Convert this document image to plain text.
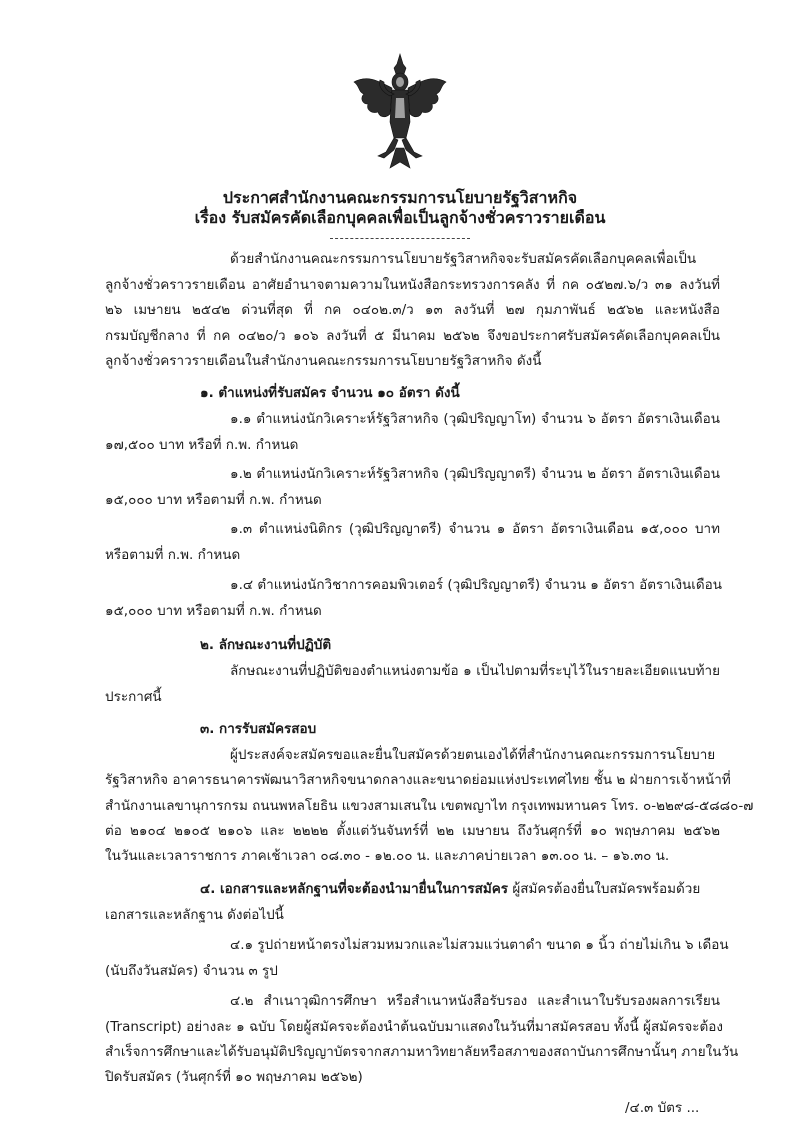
ประกาศสำนักงานคณะกรรมการนโยบายรัฐวิสาหกิจ
เรื่อง รับสมัครคัดเลือกบุคคลเพื่อเป็นลูกจ้างชั่วคราวรายเดือน
ด้วยสำนักงานคณะกรรมการนโยบายรัฐวิสาหกิจจะรับสมัครคัดเลือกบุคคลเพื่อเป็น
ลูกจ้างชั่วคราวรายเดือน อาศัยอำนาจตามความในหนังสือกระทรวงการคลัง ที่ กค ๐๕๒๗.๖/ว ๓๑ ลงวันที่
๒๖ เมษายน ๒๕๔๒ ด่วนที่สุด ที่ กค ๐๔๐๒.๓/ว ๑๓ ลงวันที่ ๒๗ กุมภาพันธ์ ๒๕๖๒ และหนังสือ
กรมบัญชีกลาง ที่ กค ๐๔๒๐/ว ๑๐๖ ลงวันที่ ๕ มีนาคม ๒๕๖๒ จึงขอประกาศรับสมัครคัดเลือกบุคคลเป็น
ลูกจ้างชั่วคราวรายเดือนในสำนักงานคณะกรรมการนโยบายรัฐวิสาหกิจ ดังนี้
๑. ตำแหน่งที่รับสมัคร จำนวน ๑๐ อัตรา ดังนี้
๑.๑ ตำแหน่งนักวิเคราะห์รัฐวิสาหกิจ (วุฒิปริญญาโท) จำนวน ๖ อัตรา อัตราเงินเดือน
๑๗,๕๐๐ บาท หรือที่ ก.พ. กำหนด
๑.๒ ตำแหน่งนักวิเคราะห์รัฐวิสาหกิจ (วุฒิปริญญาตรี) จำนวน ๒ อัตรา อัตราเงินเดือน
๑๕,๐๐๐ บาท หรือตามที่ ก.พ. กำหนด
๑.๓ ตำแหน่งนิติกร (วุฒิปริญญาตรี) จำนวน ๑ อัตรา อัตราเงินเดือน ๑๕,๐๐๐ บาท
หรือตามที่ ก.พ. กำหนด
๑.๔ ตำแหน่งนักวิชาการคอมพิวเตอร์ (วุฒิปริญญาตรี) จำนวน ๑ อัตรา อัตราเงินเดือน
๑๕,๐๐๐ บาท หรือตามที่ ก.พ. กำหนด
๒. ลักษณะงานที่ปฏิบัติ
ลักษณะงานที่ปฏิบัติของตำแหน่งตามข้อ ๑ เป็นไปตามที่ระบุไว้ในรายละเอียดแนบท้าย
ประกาศนี้
๓. การรับสมัครสอบ
ผู้ประสงค์จะสมัครขอและยื่นใบสมัครด้วยตนเองได้ที่สำนักงานคณะกรรมการนโยบาย
รัฐวิสาหกิจ อาคารธนาคารพัฒนาวิสาหกิจขนาดกลางและขนาดย่อมแห่งประเทศไทย ชั้น ๒ ฝ่ายการเจ้าหน้าที่
สำนักงานเลขานุการกรม ถนนพหลโยธิน แขวงสามเสนใน เขตพญาไท กรุงเทพมหานคร โทร. ๐-๒๒๙๘-๕๘๘๐-๗
ต่อ ๒๑๐๔ ๒๑๐๕ ๒๑๐๖ และ ๒๒๒๒ ตั้งแต่วันจันทร์ที่ ๒๒ เมษายน ถึงวันศุกร์ที่ ๑๐ พฤษภาคม ๒๕๖๒
ในวันและเวลาราชการ ภาคเช้าเวลา ๐๘.๓๐ - ๑๒.๐๐ น. และภาคบ่ายเวลา ๑๓.๐๐ น. – ๑๖.๓๐ น.
๔. เอกสารและหลักฐานที่จะต้องนำมายื่นในการสมัคร ผู้สมัครต้องยื่นใบสมัครพร้อมด้วย
เอกสารและหลักฐาน ดังต่อไปนี้
๔.๑ รูปถ่ายหน้าตรงไม่สวมหมวกและไม่สวมแว่นตาดำ ขนาด ๑ นิ้ว ถ่ายไม่เกิน ๖ เดือน
(นับถึงวันสมัคร) จำนวน ๓ รูป
๔.๒ สำเนาวุฒิการศึกษา หรือสำเนาหนังสือรับรอง และสำเนาใบรับรองผลการเรียน
(Transcript) อย่างละ ๑ ฉบับ โดยผู้สมัครจะต้องนำต้นฉบับมาแสดงในวันที่มาสมัครสอบ ทั้งนี้ ผู้สมัครจะต้อง
สำเร็จการศึกษาและได้รับอนุมัติปริญญาบัตรจากสภามหาวิทยาลัยหรือสภาของสถาบันการศึกษานั้นๆ ภายในวัน
ปิดรับสมัคร (วันศุกร์ที่ ๑๐ พฤษภาคม ๒๕๖๒)
/๔.๓ บัตร ...
